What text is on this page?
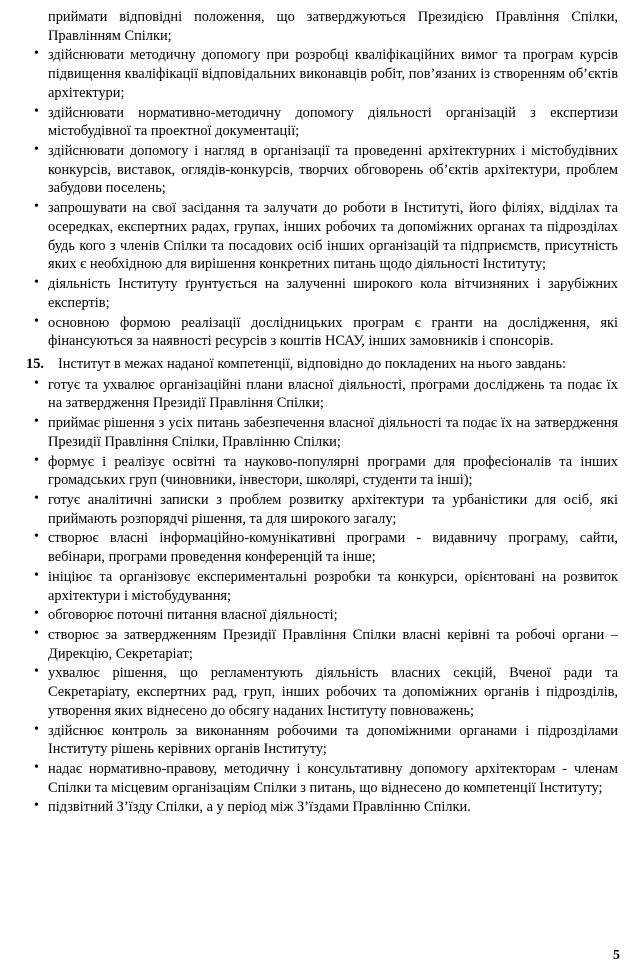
приймати відповідні положення, що затверджуються Президією Правління Спілки, Правлінням Спілки;

• здійснювати методичну допомогу при розробці кваліфікаційних вимог та програм курсів підвищення кваліфікації відповідальних виконавців робіт, пов’язаних із створенням об’єктів архітектури;
• здійснювати нормативно-методичну допомогу діяльності організацій з експертизи містобудівної та проектної документації;
• здійснювати допомогу і нагляд в організації та проведенні архітектурних і містобудівних конкурсів, виставок, оглядів-конкурсів, творчих обговорень об’єктів архітектури, проблем забудови поселень;
• запрошувати на свої засідання та залучати до роботи в Інституті, його філіях, відділах та осередках, експертних радах, групах, інших робочих та допоміжних органах та підрозділах будь кого з членів Спілки та посадових осіб інших організацій та підприємств, присутність яких є необхідною для вирішення конкретних питань щодо діяльності Інституту;
• діяльність Інституту ґрунтується на залученні широкого кола вітчизняних і зарубіжних експертів;
• основною формою реалізації дослідницьких програм є гранти на дослідження, які фінансуються за наявності ресурсів з коштів НСАУ, інших замовників і спонсорів.
15. Інститут в межах наданої компетенції, відповідно до покладених на нього завдань:
• готує та ухвалює організаційні плани власної діяльності, програми досліджень та подає їх на затвердження Президії Правління Спілки;
• приймає рішення з усіх питань забезпечення власної діяльності та подає їх на затвердження Президії Правління Спілки, Правлінню Спілки;
• формує і реалізує освітні та науково-популярні програми для професіоналів та інших громадських груп (чиновники, інвестори, школярі, студенти та інші);
• готує аналітичні записки з проблем розвитку архітектури та урбаністики для осіб, які приймають розпорядчі рішення, та для широкого загалу;
• створює власні інформаційно-комунікативні програми - видавничу програму, сайти, вебінари, програми проведення конференцій та інше;
• ініціює та організовує експериментальні розробки та конкурси, орієнтовані на розвиток архітектури і містобудування;
• обговорює поточні питання власної діяльності;
• створює за затвердженням Президії Правління Спілки власні керівні та робочі органи – Дирекцію, Секретаріат;
• ухвалює рішення, що регламентують діяльність власних секцій, Вченої ради та Секретаріату, експертних рад, груп, інших робочих та допоміжних органів і підрозділів, утворення яких віднесено до обсягу наданих Інституту повноважень;
• здійснює контроль за виконанням робочими та допоміжними органами і підрозділами Інституту рішень керівних органів Інституту;
• надає нормативно-правову, методичну і консультативну допомогу архітекторам - членам Спілки та місцевим організаціям Спілки з питань, що віднесено до компетенції Інституту;
• підзвітний З’їзду Спілки, а у період між З’їздами Правлінню Спілки.
5
